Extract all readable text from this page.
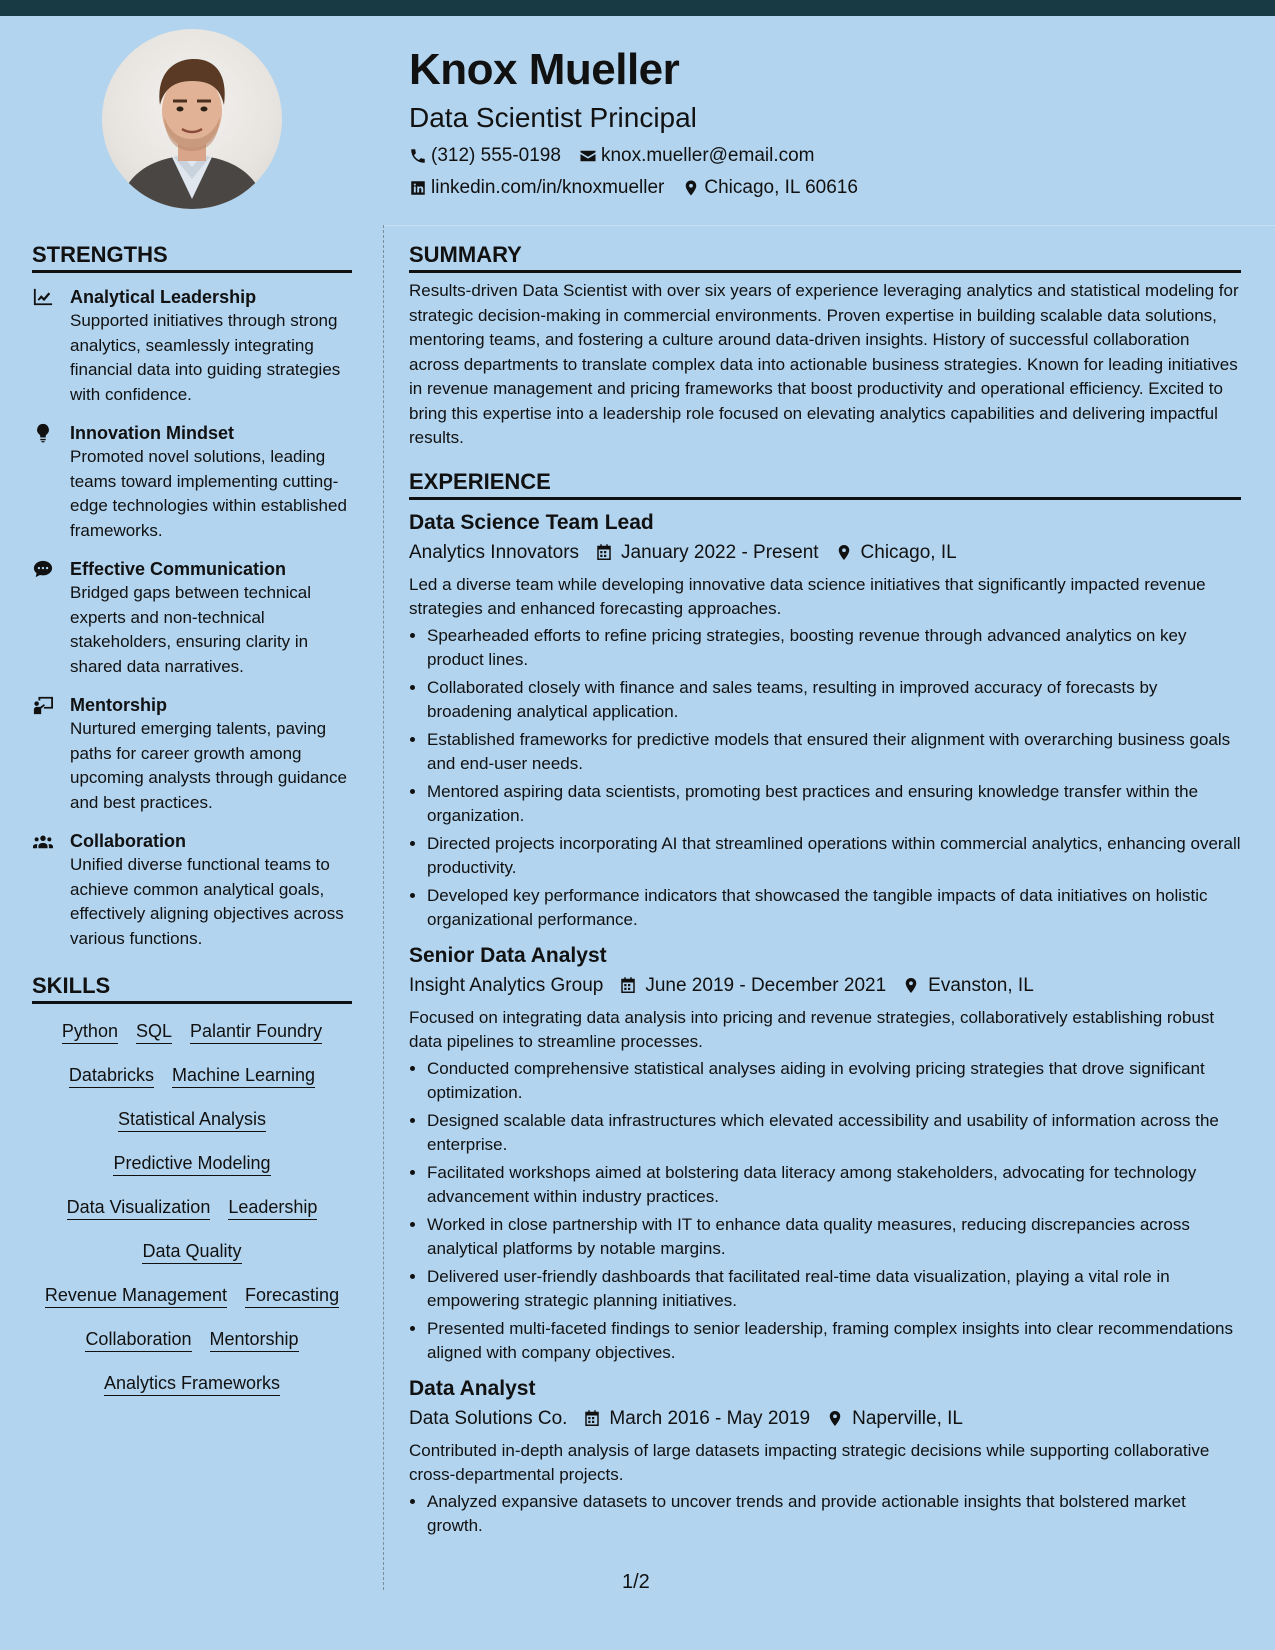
Knox Mueller
Data Scientist Principal
(312) 555-0198 knox.mueller@email.com
linkedin.com/in/knoxmueller Chicago, IL 60616
STRENGTHS
Analytical Leadership
Supported initiatives through strong analytics, seamlessly integrating financial data into guiding strategies with confidence.
Innovation Mindset
Promoted novel solutions, leading teams toward implementing cutting-edge technologies within established frameworks.
Effective Communication
Bridged gaps between technical experts and non-technical stakeholders, ensuring clarity in shared data narratives.
Mentorship
Nurtured emerging talents, paving paths for career growth among upcoming analysts through guidance and best practices.
Collaboration
Unified diverse functional teams to achieve common analytical goals, effectively aligning objectives across various functions.
SKILLS
Python SQL Palantir Foundry
Databricks Machine Learning
Statistical Analysis
Predictive Modeling
Data Visualization Leadership
Data Quality
Revenue Management Forecasting
Collaboration Mentorship
Analytics Frameworks
SUMMARY
Results-driven Data Scientist with over six years of experience leveraging analytics and statistical modeling for strategic decision-making in commercial environments. Proven expertise in building scalable data solutions, mentoring teams, and fostering a culture around data-driven insights. History of successful collaboration across departments to translate complex data into actionable business strategies. Known for leading initiatives in revenue management and pricing frameworks that boost productivity and operational efficiency. Excited to bring this expertise into a leadership role focused on elevating analytics capabilities and delivering impactful results.
EXPERIENCE
Data Science Team Lead
Analytics Innovators January 2022 - Present Chicago, IL
Led a diverse team while developing innovative data science initiatives that significantly impacted revenue strategies and enhanced forecasting approaches.
• Spearheaded efforts to refine pricing strategies, boosting revenue through advanced analytics on key product lines.
• Collaborated closely with finance and sales teams, resulting in improved accuracy of forecasts by broadening analytical application.
• Established frameworks for predictive models that ensured their alignment with overarching business goals and end-user needs.
• Mentored aspiring data scientists, promoting best practices and ensuring knowledge transfer within the organization.
• Directed projects incorporating AI that streamlined operations within commercial analytics, enhancing overall productivity.
• Developed key performance indicators that showcased the tangible impacts of data initiatives on holistic organizational performance.
Senior Data Analyst
Insight Analytics Group June 2019 - December 2021 Evanston, IL
Focused on integrating data analysis into pricing and revenue strategies, collaboratively establishing robust data pipelines to streamline processes.
• Conducted comprehensive statistical analyses aiding in evolving pricing strategies that drove significant optimization.
• Designed scalable data infrastructures which elevated accessibility and usability of information across the enterprise.
• Facilitated workshops aimed at bolstering data literacy among stakeholders, advocating for technology advancement within industry practices.
• Worked in close partnership with IT to enhance data quality measures, reducing discrepancies across analytical platforms by notable margins.
• Delivered user-friendly dashboards that facilitated real-time data visualization, playing a vital role in empowering strategic planning initiatives.
• Presented multi-faceted findings to senior leadership, framing complex insights into clear recommendations aligned with company objectives.
Data Analyst
Data Solutions Co. March 2016 - May 2019 Naperville, IL
Contributed in-depth analysis of large datasets impacting strategic decisions while supporting collaborative cross-departmental projects.
• Analyzed expansive datasets to uncover trends and provide actionable insights that bolstered market growth.
1/2
